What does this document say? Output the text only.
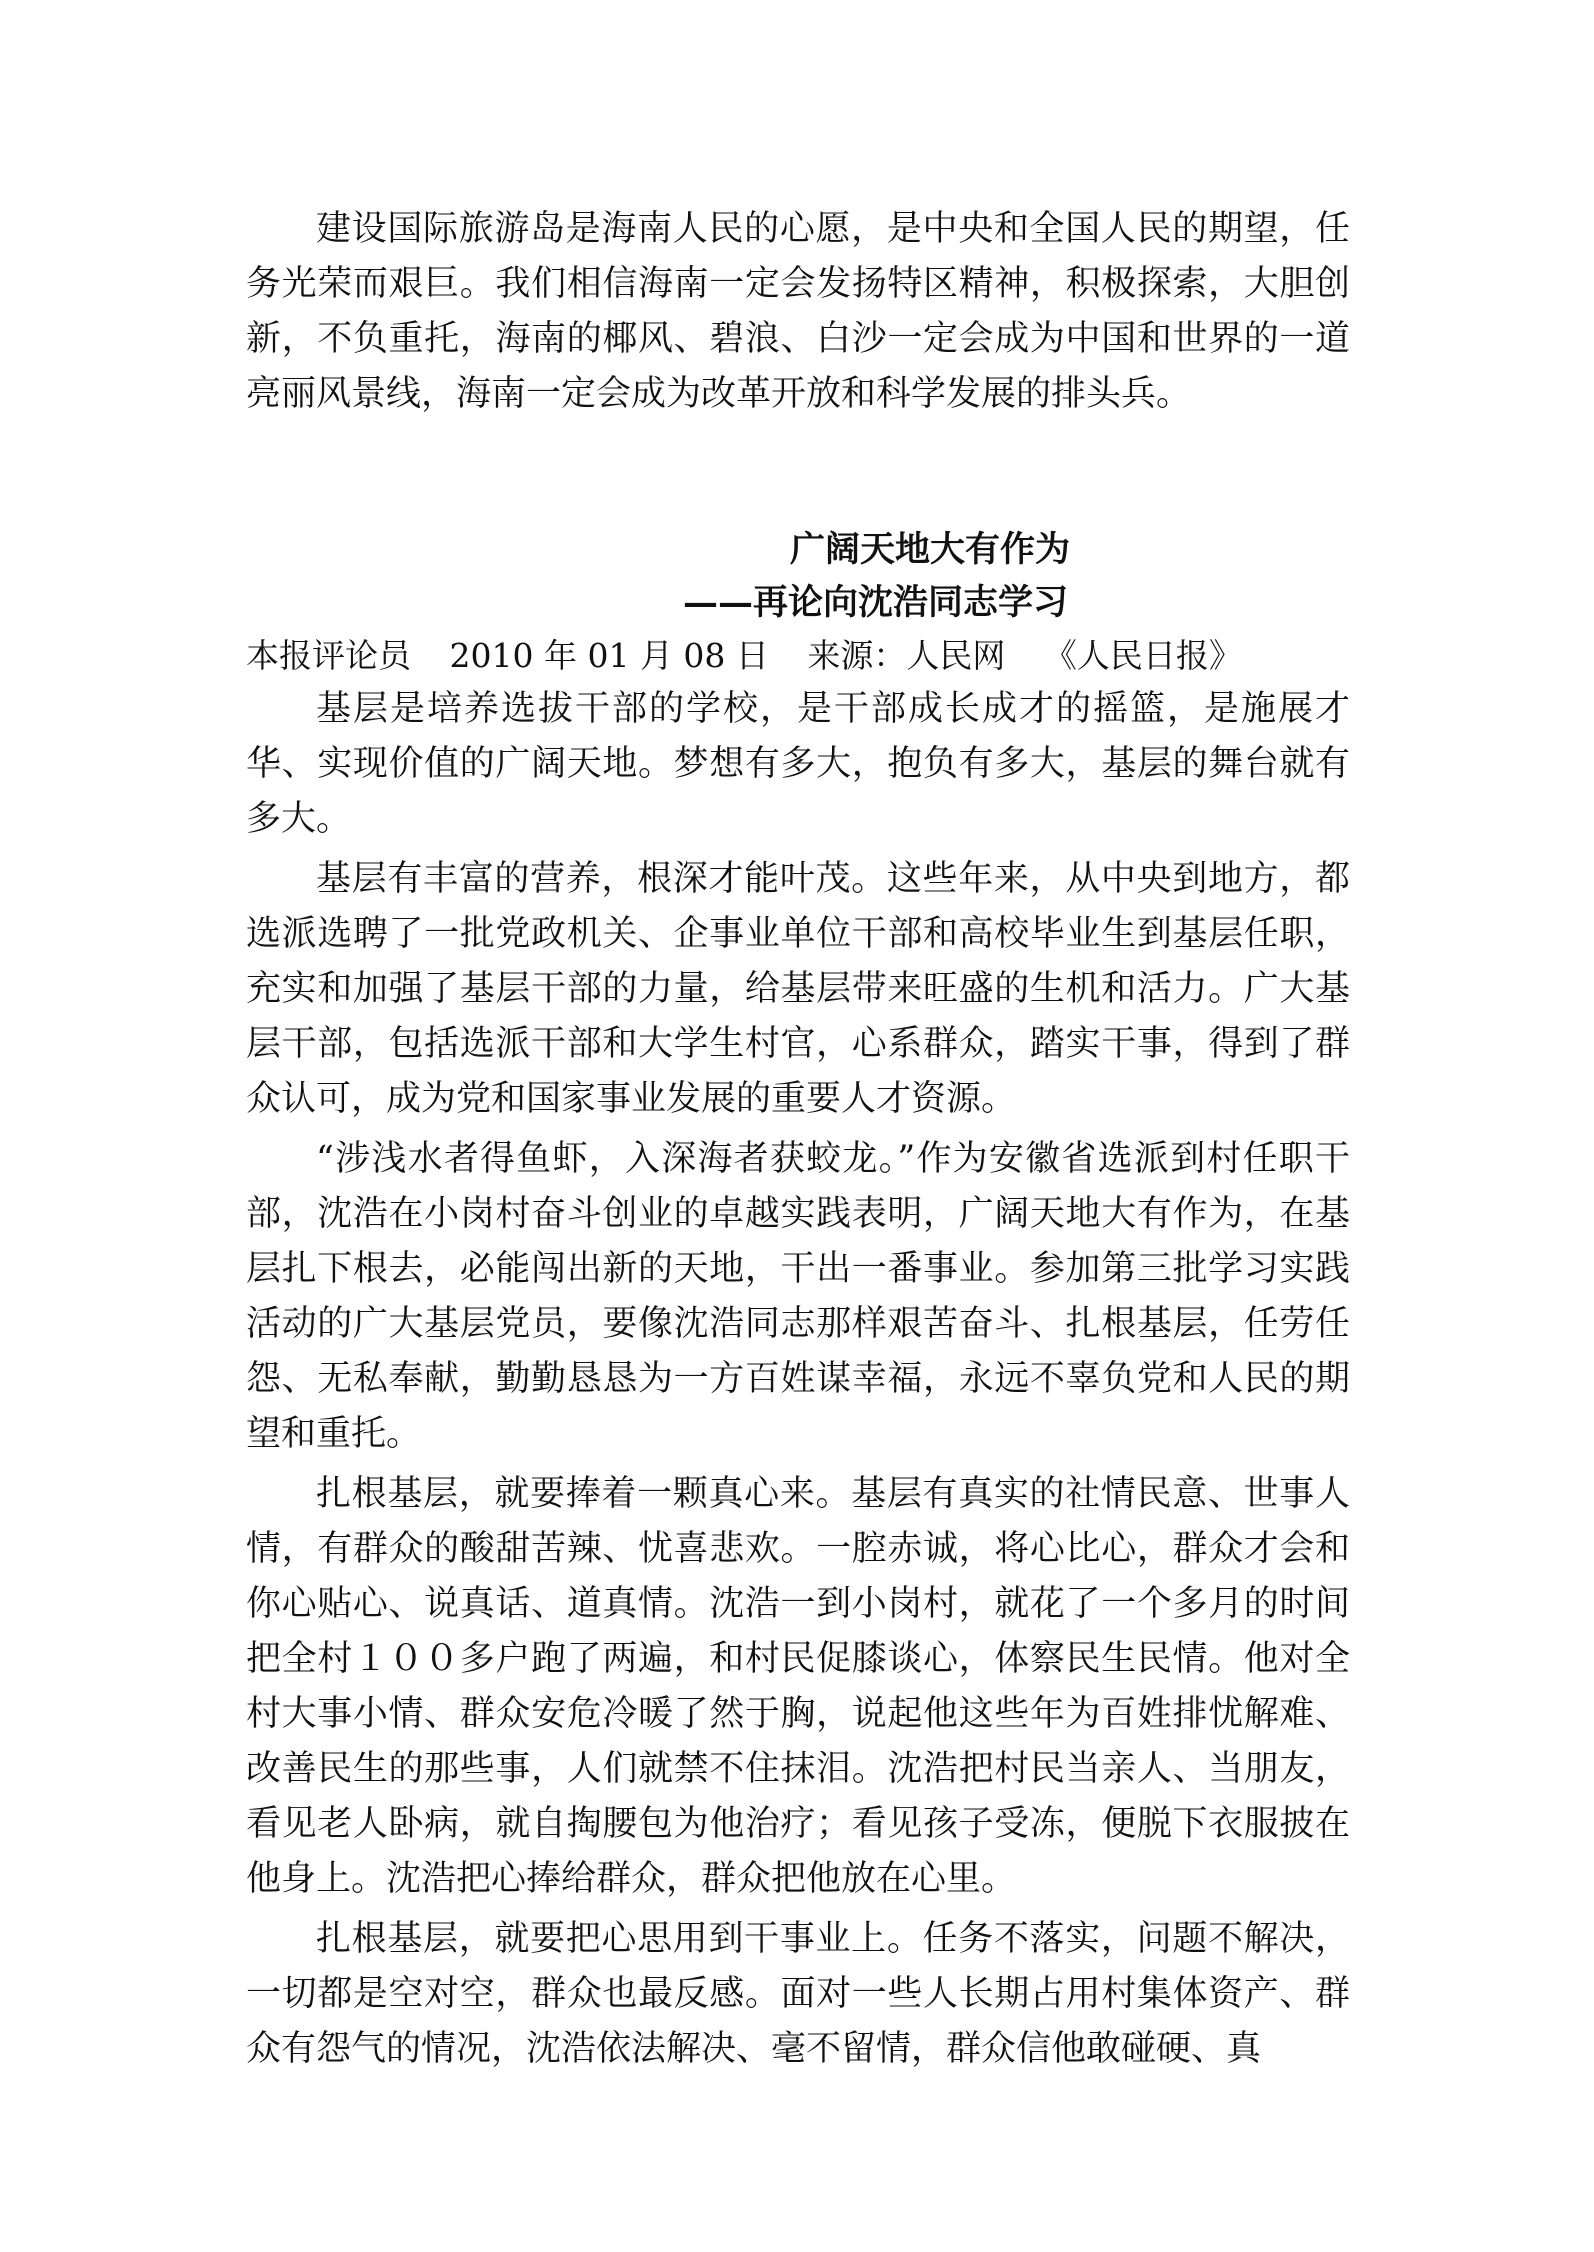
建设国际旅游岛是海南人民的心愿，是中央和全国人民的期望，任务光荣而艰巨。我们相信海南一定会发扬特区精神，积极探索，大胆创新，不负重托，海南的椰风、碧浪、白沙一定会成为中国和世界的一道亮丽风景线，海南一定会成为改革开放和科学发展的排头兵。

广阔天地大有作为
——再论向沈浩同志学习
本报评论员 2010 年 01 月 08 日 来源：人民网 《人民日报》

基层是培养选拔干部的学校，是干部成长成才的摇篮，是施展才华、实现价值的广阔天地。梦想有多大，抱负有多大，基层的舞台就有多大。

基层有丰富的营养，根深才能叶茂。这些年来，从中央到地方，都选派选聘了一批党政机关、企事业单位干部和高校毕业生到基层任职，充实和加强了基层干部的力量，给基层带来旺盛的生机和活力。广大基层干部，包括选派干部和大学生村官，心系群众，踏实干事，得到了群众认可，成为党和国家事业发展的重要人才资源。

“涉浅水者得鱼虾，入深海者获蛟龙。”作为安徽省选派到村任职干部，沈浩在小岗村奋斗创业的卓越实践表明，广阔天地大有作为，在基层扎下根去，必能闯出新的天地，干出一番事业。参加第三批学习实践活动的广大基层党员，要像沈浩同志那样艰苦奋斗、扎根基层，任劳任怨、无私奉献，勤勤恳恳为一方百姓谋幸福，永远不辜负党和人民的期望和重托。

扎根基层，就要捧着一颗真心来。基层有真实的社情民意、世事人情，有群众的酸甜苦辣、忧喜悲欢。一腔赤诚，将心比心，群众才会和你心贴心、说真话、道真情。沈浩一到小岗村，就花了一个多月的时间把全村１００多户跑了两遍，和村民促膝谈心，体察民生民情。他对全村大事小情、群众安危冷暖了然于胸，说起他这些年为百姓排忧解难、改善民生的那些事，人们就禁不住抹泪。沈浩把村民当亲人、当朋友，看见老人卧病，就自掏腰包为他治疗；看见孩子受冻，便脱下衣服披在他身上。沈浩把心捧给群众，群众把他放在心里。

扎根基层，就要把心思用到干事业上。任务不落实，问题不解决，一切都是空对空，群众也最反感。面对一些人长期占用村集体资产、群众有怨气的情况，沈浩依法解决、毫不留情，群众信他敢碰硬、真
